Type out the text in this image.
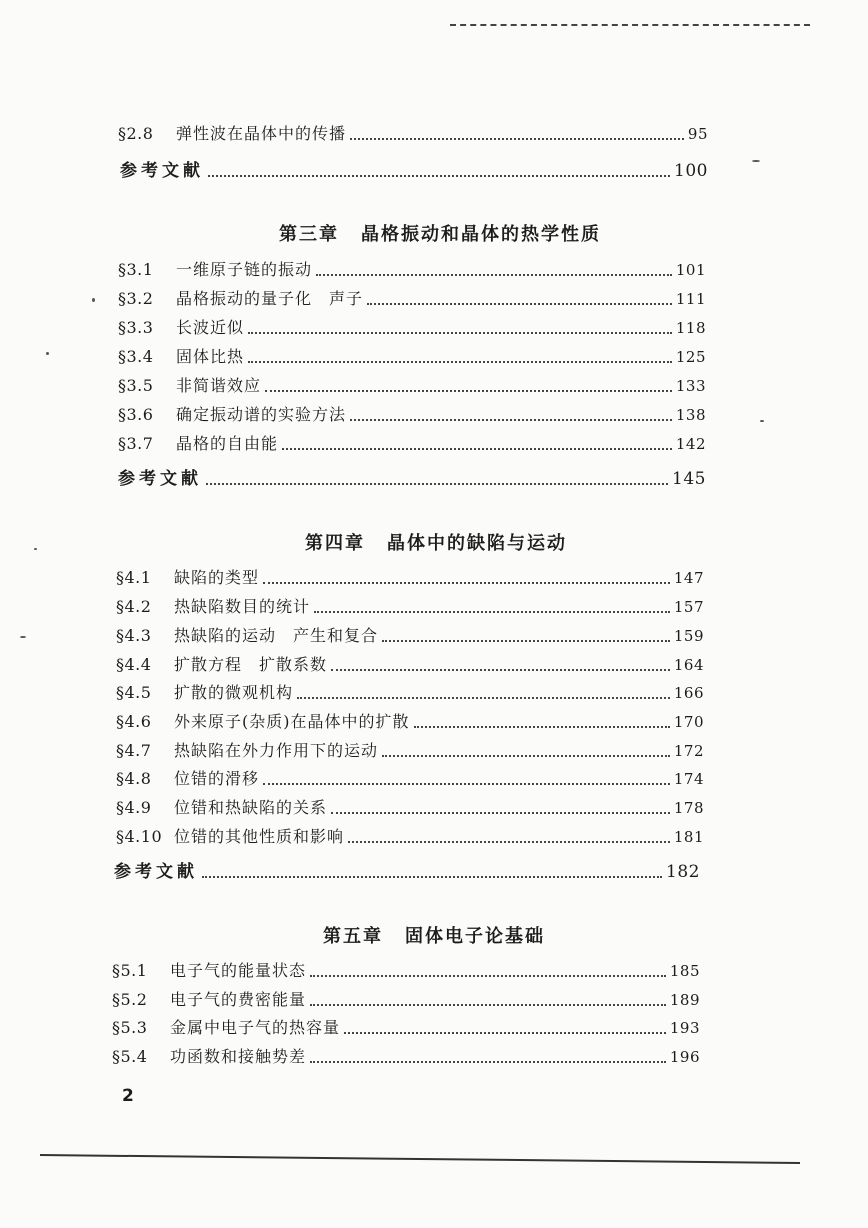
§2.8	弹性波在晶体中的传播	95
参考文献	100
第三章 晶格振动和晶体的热学性质
§3.1	一维原子链的振动	101
§3.2	晶格振动的量子化　声子	111
§3.3	长波近似	118
§3.4	固体比热	125
§3.5	非简谐效应	133
§3.6	确定振动谱的实验方法	138
§3.7	晶格的自由能	142
参考文献	145
第四章 晶体中的缺陷与运动
§4.1	缺陷的类型	147
§4.2	热缺陷数目的统计	157
§4.3	热缺陷的运动　产生和复合	159
§4.4	扩散方程　扩散系数	164
§4.5	扩散的微观机构	166
§4.6	外来原子(杂质)在晶体中的扩散	170
§4.7	热缺陷在外力作用下的运动	172
§4.8	位错的滑移	174
§4.9	位错和热缺陷的关系	178
§4.10 位错的其他性质和影响	181
参考文献	182
第五章 固体电子论基础
§5.1	电子气的能量状态	185
§5.2	电子气的费密能量	189
§5.3	金属中电子气的热容量	193
§5.4	功函数和接触势差	196
2
